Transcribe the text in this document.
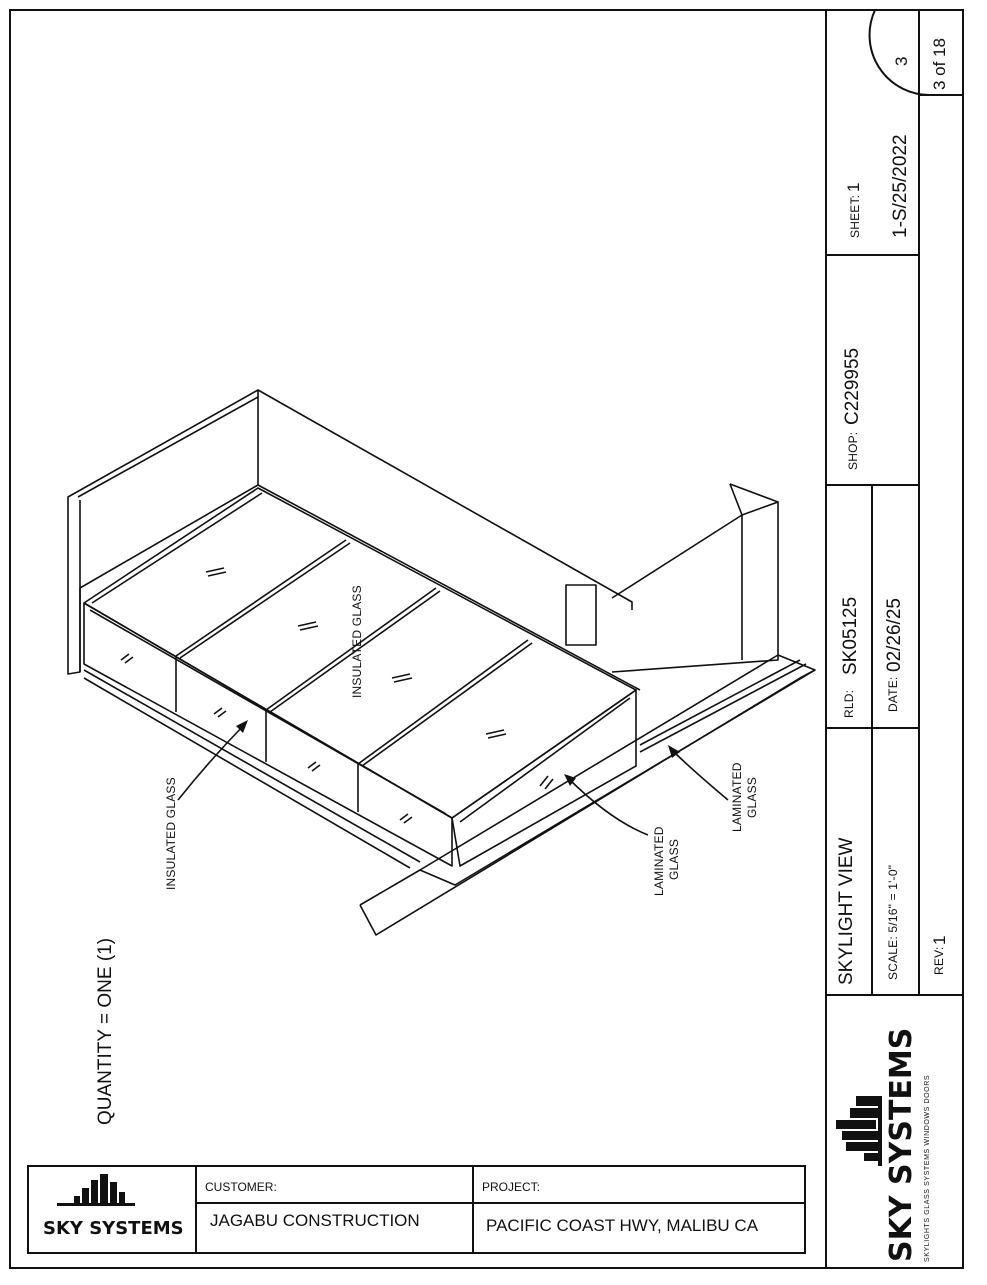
QUANTITY = ONE (1)
INSULATED GLASS
INSULATED GLASS
LAMINATED GLASS
LAMINATED GLASS
SKYLIGHT VIEW SCALE: 5/16" = 1'-0"	REV:
1
RLD:
SK05125
DATE:
02/26/25
SHOP:
C229955
SHEET:
1 1-S/25/2022
3 3 of 18
SKY SYSTEMS SKYLIGHTS GLASS SYSTEMS WINDOWS DOORS
SKY SYSTEMS
CUSTOMER:
JAGABU CONSTRUCTION
PROJECT:
PACIFIC COAST HWY, MALIBU CA
